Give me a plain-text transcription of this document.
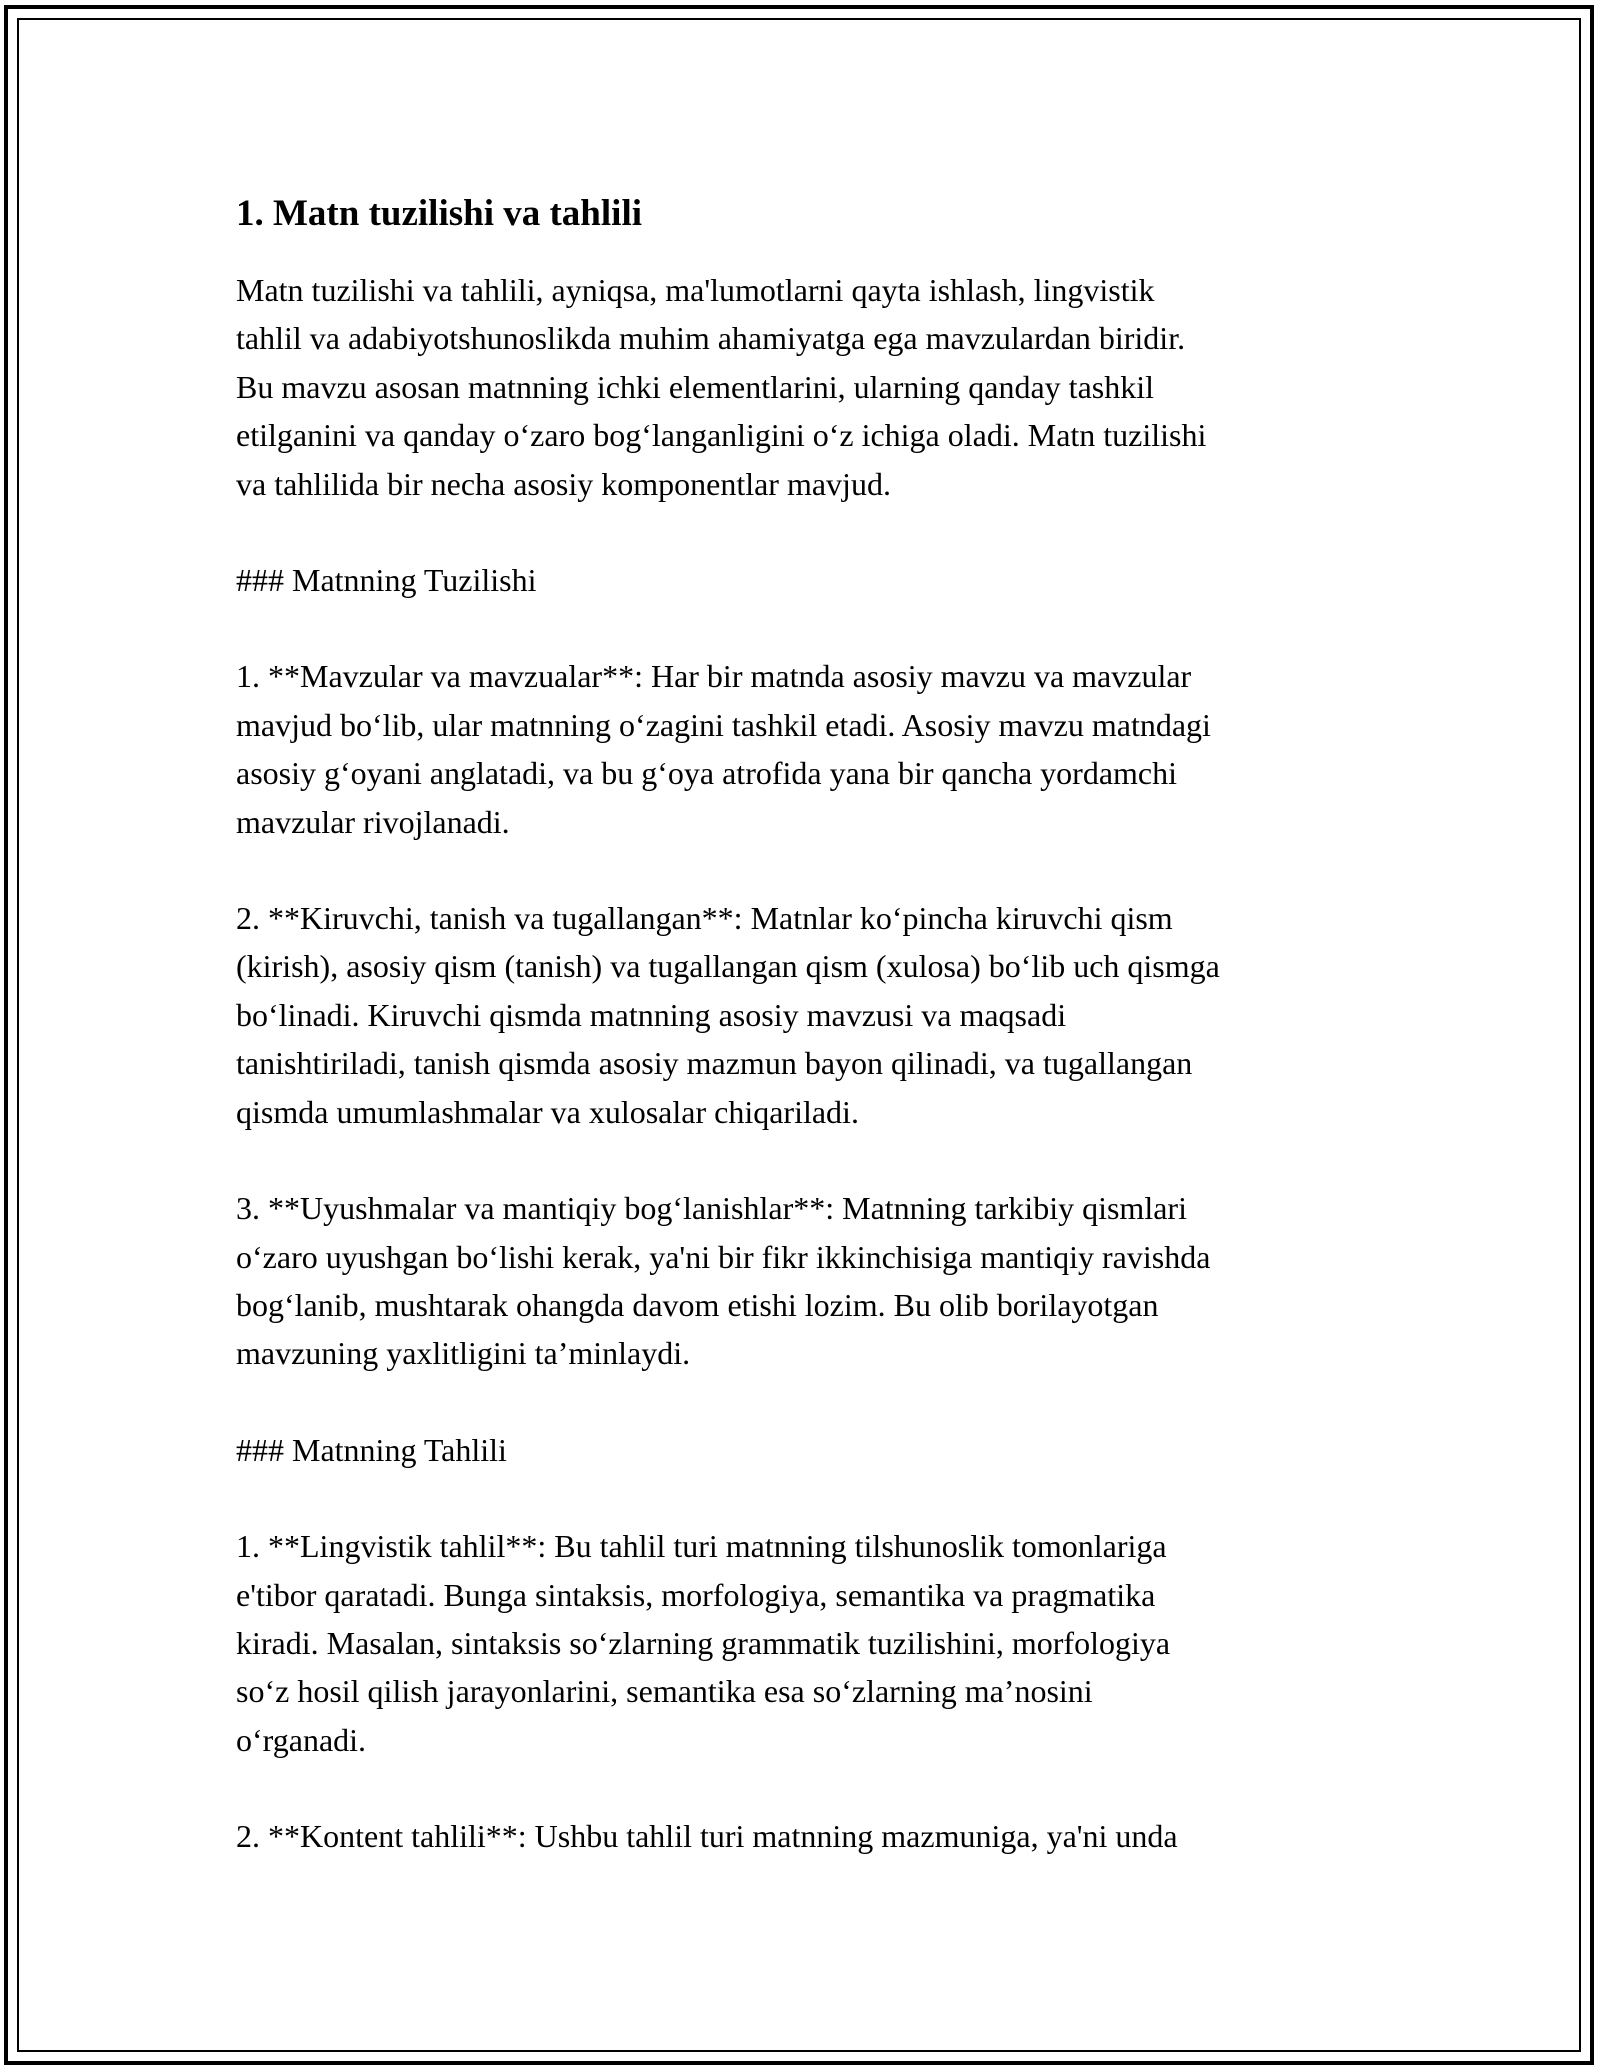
1. Matn tuzilishi va tahlili

Matn tuzilishi va tahlili, ayniqsa, ma'lumotlarni qayta ishlash, lingvistik
tahlil va adabiyotshunoslikda muhim ahamiyatga ega mavzulardan biridir.
Bu mavzu asosan matnning ichki elementlarini, ularning qanday tashkil
etilganini va qanday o‘zaro bog‘langanligini o‘z ichiga oladi. Matn tuzilishi
va tahlilida bir necha asosiy komponentlar mavjud.

### Matnning Tuzilishi

1. **Mavzular va mavzualar**: Har bir matnda asosiy mavzu va mavzular
mavjud bo‘lib, ular matnning o‘zagini tashkil etadi. Asosiy mavzu matndagi
asosiy g‘oyani anglatadi, va bu g‘oya atrofida yana bir qancha yordamchi
mavzular rivojlanadi.

2. **Kiruvchi, tanish va tugallangan**: Matnlar ko‘pincha kiruvchi qism
(kirish), asosiy qism (tanish) va tugallangan qism (xulosa) bo‘lib uch qismga
bo‘linadi. Kiruvchi qismda matnning asosiy mavzusi va maqsadi
tanishtiriladi, tanish qismda asosiy mazmun bayon qilinadi, va tugallangan
qismda umumlashmalar va xulosalar chiqariladi.

3. **Uyushmalar va mantiqiy bog‘lanishlar**: Matnning tarkibiy qismlari
o‘zaro uyushgan bo‘lishi kerak, ya'ni bir fikr ikkinchisiga mantiqiy ravishda
bog‘lanib, mushtarak ohangda davom etishi lozim. Bu olib borilayotgan
mavzuning yaxlitligini ta’minlaydi.

### Matnning Tahlili

1. **Lingvistik tahlil**: Bu tahlil turi matnning tilshunoslik tomonlariga
e'tibor qaratadi. Bunga sintaksis, morfologiya, semantika va pragmatika
kiradi. Masalan, sintaksis so‘zlarning grammatik tuzilishini, morfologiya
so‘z hosil qilish jarayonlarini, semantika esa so‘zlarning ma’nosini
o‘rganadi.

2. **Kontent tahlili**: Ushbu tahlil turi matnning mazmuniga, ya'ni unda
